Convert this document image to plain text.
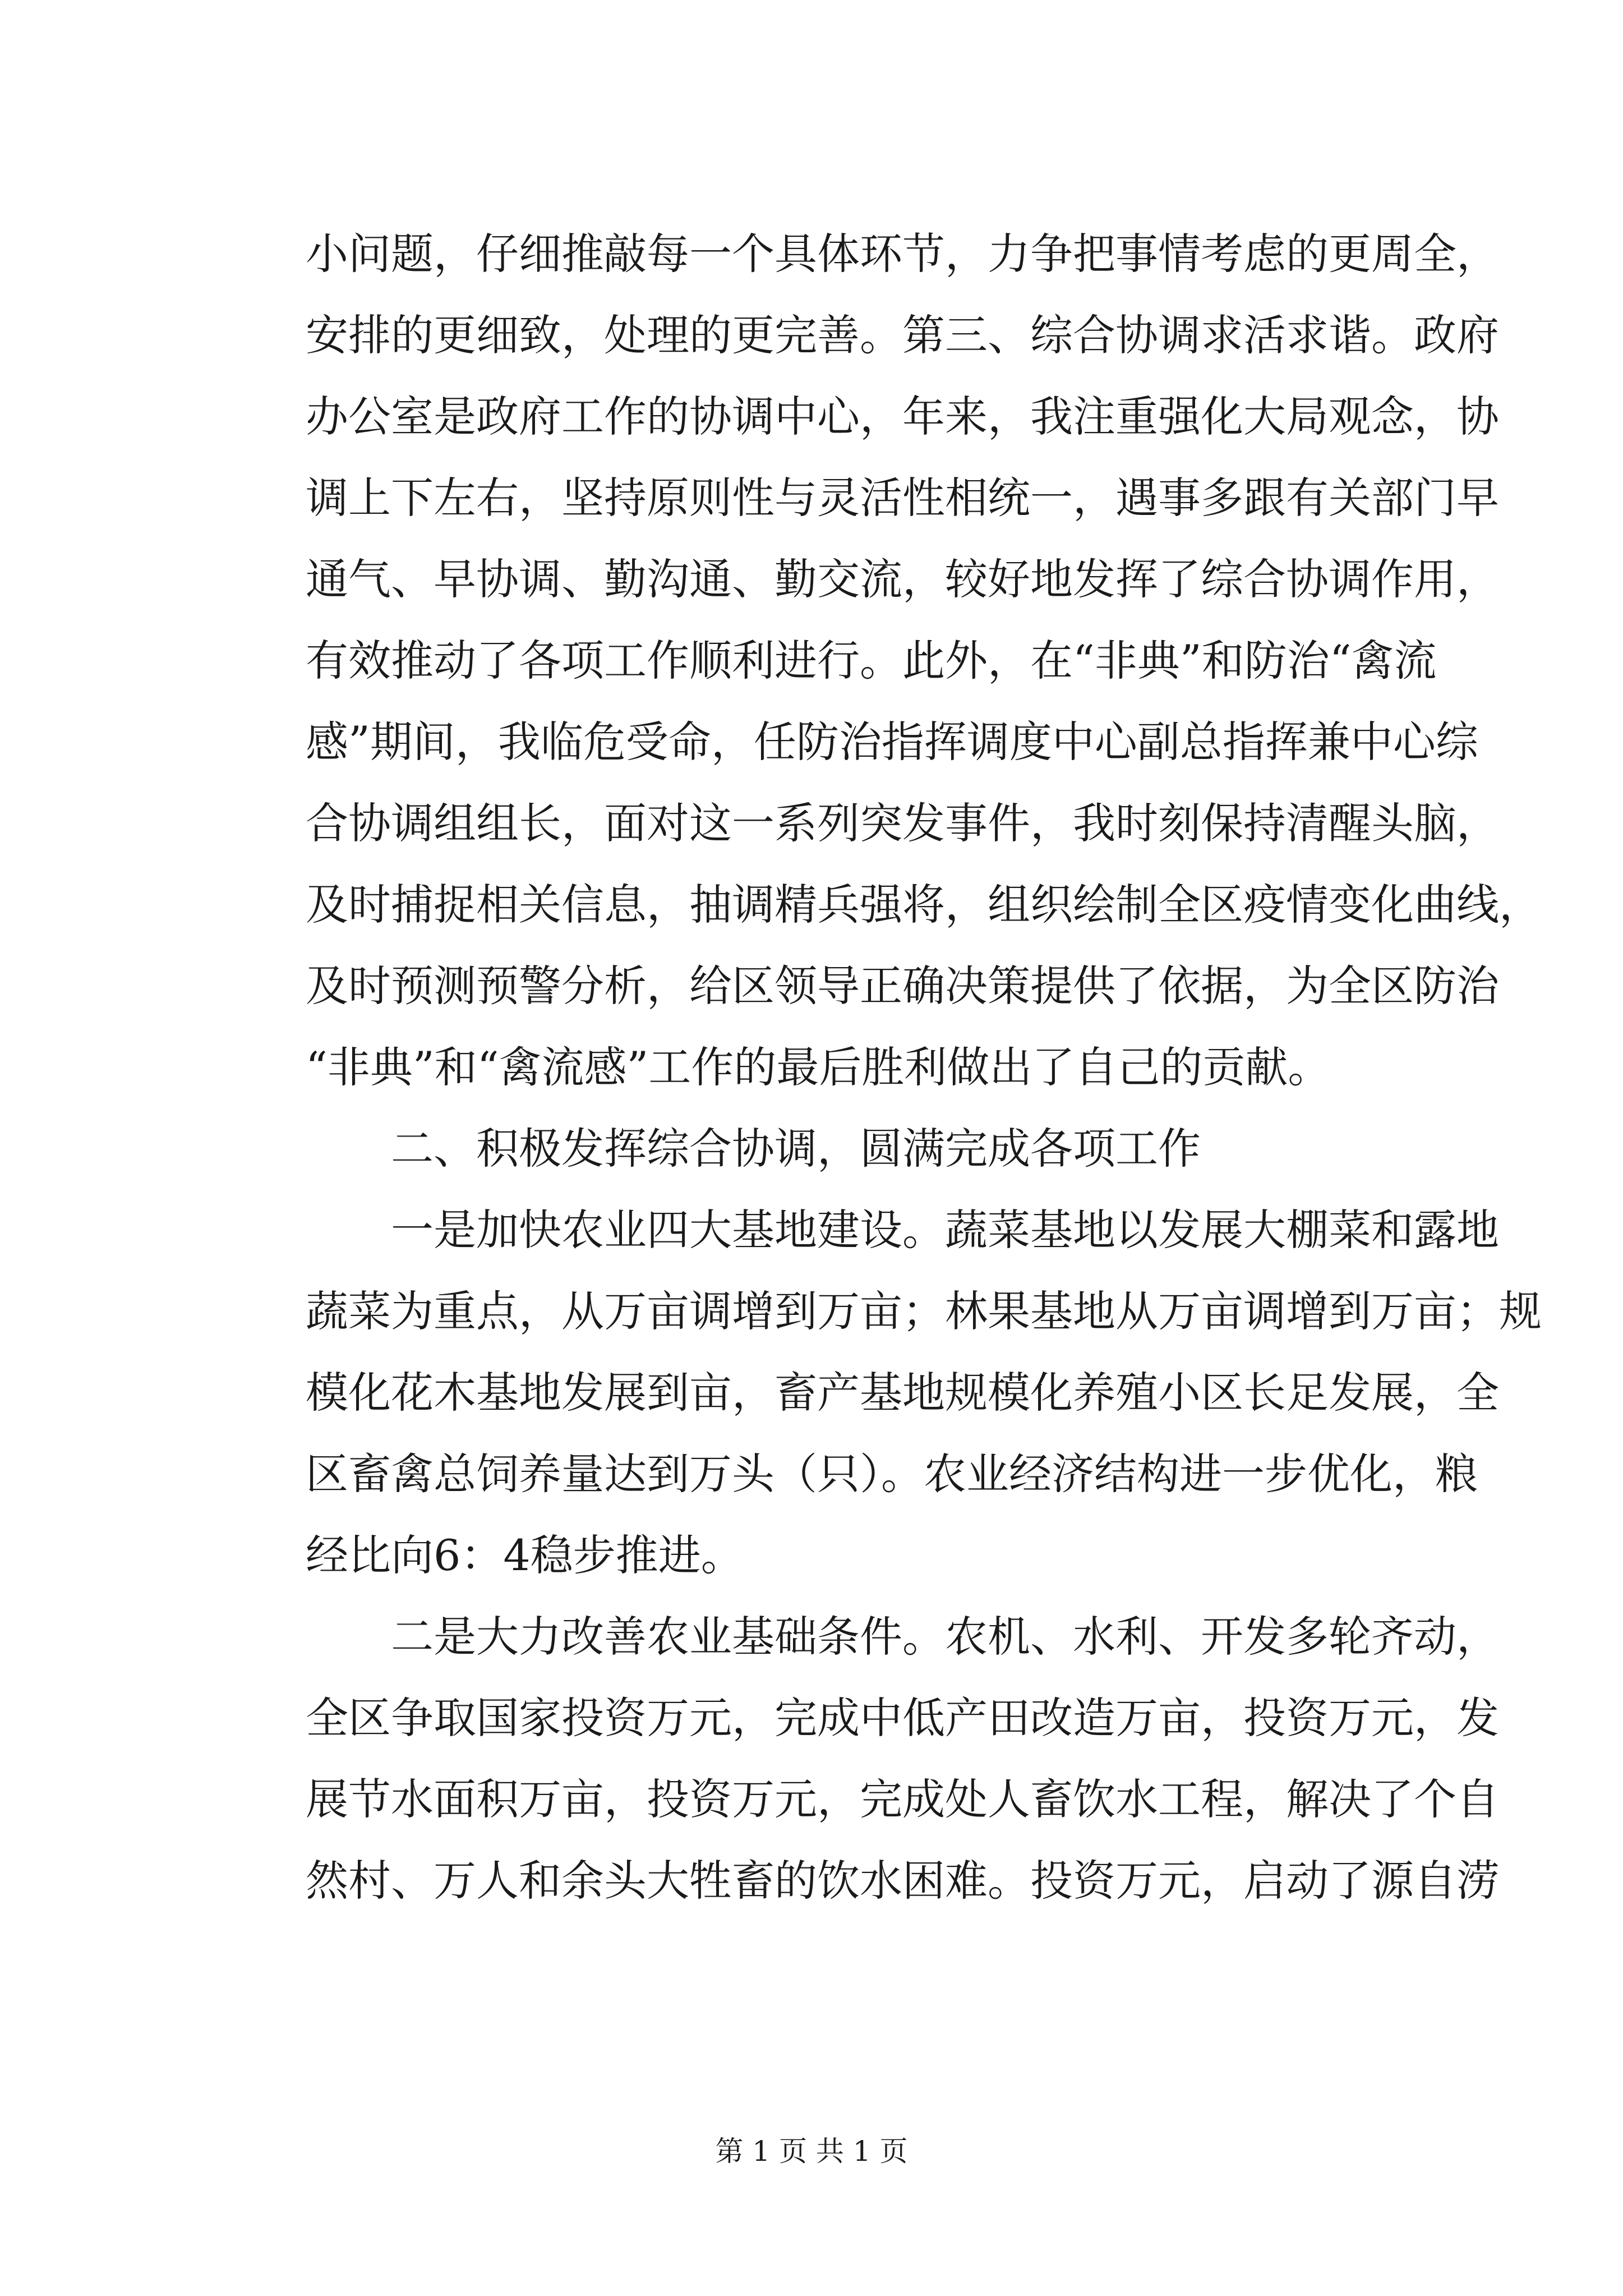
小问题，仔细推敲每一个具体环节，力争把事情考虑的更周全，
安排的更细致，处理的更完善。第三、综合协调求活求谐。政府
办公室是政府工作的协调中心，年来，我注重强化大局观念，协
调上下左右，坚持原则性与灵活性相统一，遇事多跟有关部门早
通气、早协调、勤沟通、勤交流，较好地发挥了综合协调作用，
有效推动了各项工作顺利进行。此外，在“非典”和防治“禽流
感”期间，我临危受命，任防治指挥调度中心副总指挥兼中心综
合协调组组长，面对这一系列突发事件，我时刻保持清醒头脑，
及时捕捉相关信息，抽调精兵强将，组织绘制全区疫情变化曲线，
及时预测预警分析，给区领导正确决策提供了依据，为全区防治
“非典”和“禽流感”工作的最后胜利做出了自己的贡献。
二、积极发挥综合协调，圆满完成各项工作
一是加快农业四大基地建设。蔬菜基地以发展大棚菜和露地
蔬菜为重点，从万亩调增到万亩；林果基地从万亩调增到万亩；规
模化花木基地发展到亩，畜产基地规模化养殖小区长足发展，全
区畜禽总饲养量达到万头（只）。农业经济结构进一步优化，粮
经比向6：4稳步推进。
二是大力改善农业基础条件。农机、水利、开发多轮齐动，
全区争取国家投资万元，完成中低产田改造万亩，投资万元，发
展节水面积万亩，投资万元，完成处人畜饮水工程，解决了个自
然村、万人和余头大牲畜的饮水困难。投资万元，启动了源自涝
第 1 页 共 1 页
